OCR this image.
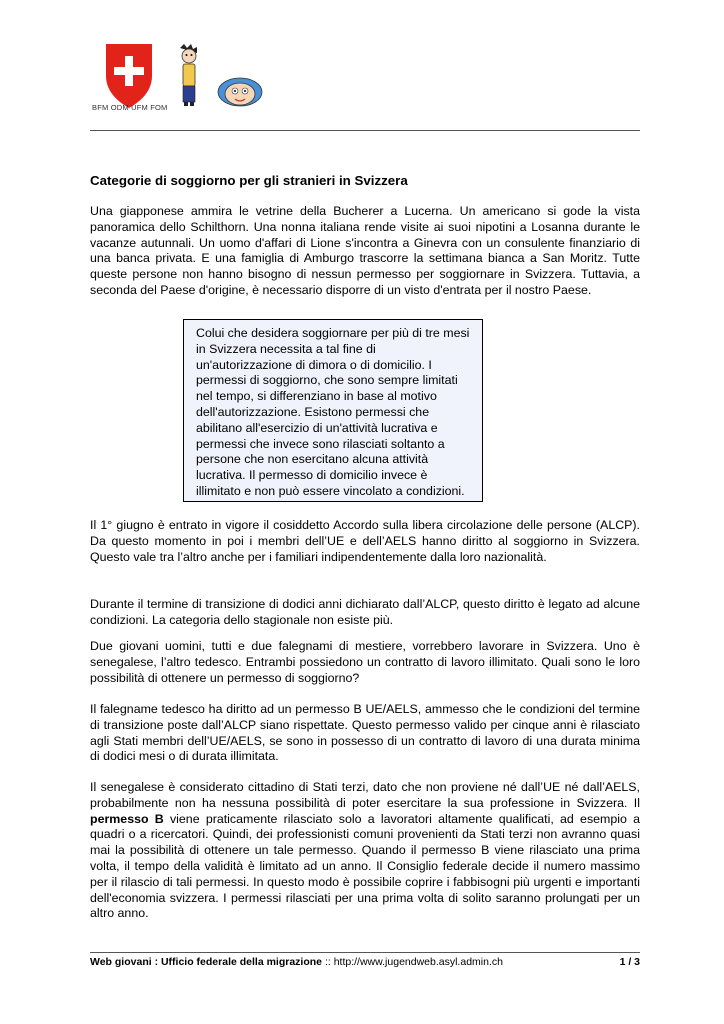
BFM ODM UFM FOM
Categorie di soggiorno per gli stranieri in Svizzera

Una giapponese ammira le vetrine della Bucherer a Lucerna. Un americano si gode la vista panoramica dello Schilthorn. Una nonna italiana rende visite ai suoi nipotini a Losanna durante le vacanze autunnali. Un uomo d'affari di Lione s'incontra a Ginevra con un consulente finanziario di una banca privata. E una famiglia di Amburgo trascorre la settimana bianca a San Moritz. Tutte queste persone non hanno bisogno di nessun permesso per soggiornare in Svizzera. Tuttavia, a seconda del Paese d'origine, è necessario disporre di un visto d'entrata per il nostro Paese.

Colui che desidera soggiornare per più di tre mesi in Svizzera necessita a tal fine di un'autorizzazione di dimora o di domicilio. I permessi di soggiorno, che sono sempre limitati nel tempo, si differenziano in base al motivo dell'autorizzazione. Esistono permessi che abilitano all'esercizio di un'attività lucrativa e permessi che invece sono rilasciati soltanto a persone che non esercitano alcuna attività lucrativa. Il permesso di domicilio invece è illimitato e non può essere vincolato a condizioni.

Il 1° giugno è entrato in vigore il cosiddetto Accordo sulla libera circolazione delle persone (ALCP). Da questo momento in poi i membri dell’UE e dell’AELS hanno diritto al soggiorno in Svizzera. Questo vale tra l’altro anche per i familiari indipendentemente dalla loro nazionalità.

Durante il termine di transizione di dodici anni dichiarato dall’ALCP, questo diritto è legato ad alcune condizioni. La categoria dello stagionale non esiste più.

Due giovani uomini, tutti e due falegnami di mestiere, vorrebbero lavorare in Svizzera. Uno è senegalese, l’altro tedesco. Entrambi possiedono un contratto di lavoro illimitato. Quali sono le loro possibilità di ottenere un permesso di soggiorno?

Il falegname tedesco ha diritto ad un permesso B UE/AELS, ammesso che le condizioni del termine di transizione poste dall’ALCP siano rispettate. Questo permesso valido per cinque anni è rilasciato agli Stati membri dell’UE/AELS, se sono in possesso di un contratto di lavoro di una durata minima di dodici mesi o di durata illimitata.

Il senegalese è considerato cittadino di Stati terzi, dato che non proviene né dall’UE né dall’AELS, probabilmente non ha nessuna possibilità di poter esercitare la sua professione in Svizzera. Il permesso B viene praticamente rilasciato solo a lavoratori altamente qualificati, ad esempio a quadri o a ricercatori. Quindi, dei professionisti comuni provenienti da Stati terzi non avranno quasi mai la possibilità di ottenere un tale permesso. Quando il permesso B viene rilasciato una prima volta, il tempo della validità è limitato ad un anno. Il Consiglio federale decide il numero massimo per il rilascio di tali permessi. In questo modo è possibile coprire i fabbisogni più urgenti e importanti dell'economia svizzera. I permessi rilasciati per una prima volta di solito saranno prolungati per un altro anno.

Web giovani : Ufficio federale della migrazione :: http://www.jugendweb.asyl.admin.ch	1 / 3
